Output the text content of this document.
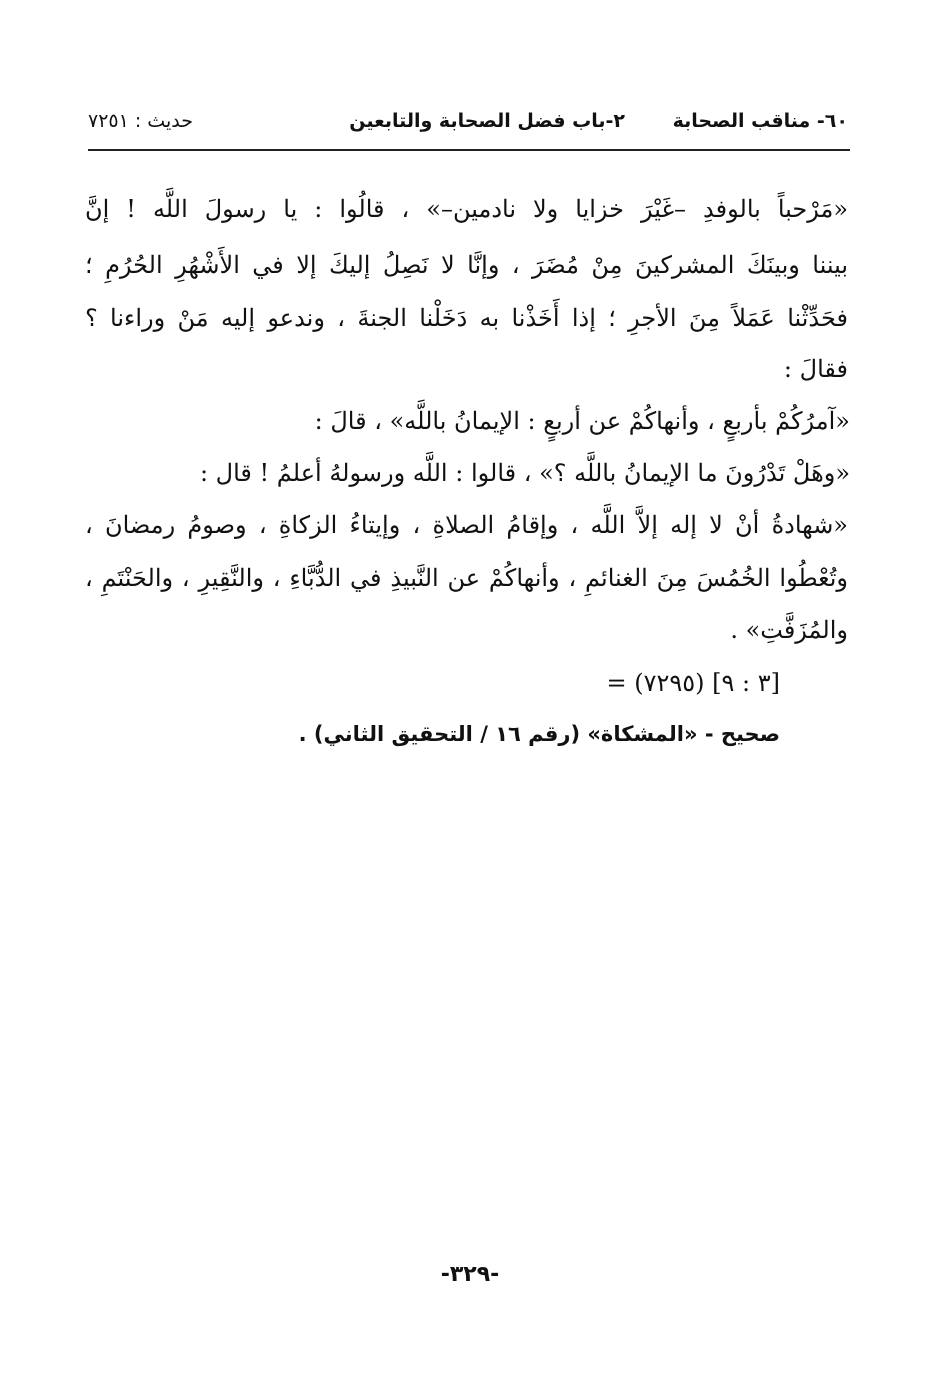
٦٠- مناقب الصحابة
٢-باب فضل الصحابة والتابعين
حديث : ٧٢٥١
«مَرْحباً بالوفدِ –غَيْرَ خزايا ولا نادمين–» ، قالُوا : يا رسولَ اللَّه ! إنَّ
بيننا وبينَكَ المشركينَ مِنْ مُضَرَ ، وإنَّا لا نَصِلُ إليكَ إلا في الأَشْهُرِ الحُرُمِ ؛
فحَدِّثْنا عَمَلاً مِنَ الأجرِ ؛ إذا أَخَذْنا به دَخَلْنا الجنةَ ، وندعو إليه مَنْ وراءنا ؟
فقالَ :
«آمرُكُمْ بأربعٍ ، وأنهاكُمْ عن أربعٍ : الإيمانُ باللَّه» ، قالَ :
«وهَلْ تَدْرُونَ ما الإيمانُ باللَّه ؟» ، قالوا : اللَّه ورسولهُ أعلمُ ! قال :
«شهادةُ أنْ لا إله إلاَّ اللَّه ، وإقامُ الصلاةِ ، وإيتاءُ الزكاةِ ، وصومُ رمضانَ ،
وتُعْطُوا الخُمُسَ مِنَ الغنائمِ ، وأنهاكُمْ عن النَّبيذِ في الدُّبَّاءِ ، والنَّقِيرِ ، والحَنْتَمِ ،
والمُزَفَّتِ» .
= (٧٢٩٥) [٣ : ٩]
صحيح - «المشكاة» (رقم ١٦ / التحقيق الثاني) .
-٣٢٩-
